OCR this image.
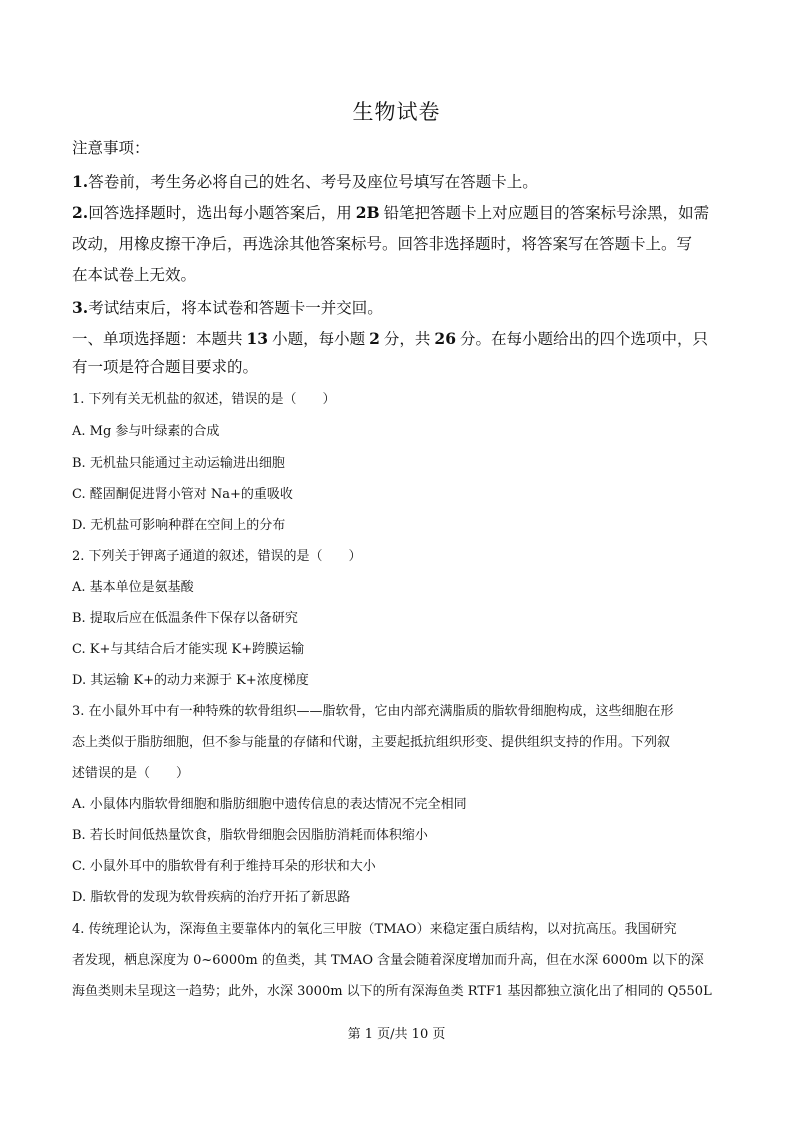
生物试卷
注意事项：
1.答卷前，考生务必将自己的姓名、考号及座位号填写在答题卡上。
2.回答选择题时，选出每小题答案后，用 2B 铅笔把答题卡上对应题目的答案标号涂黑，如需
改动，用橡皮擦干净后，再选涂其他答案标号。回答非选择题时，将答案写在答题卡上。写
在本试卷上无效。
3.考试结束后，将本试卷和答题卡一并交回。
一、单项选择题：本题共 13 小题，每小题 2 分，共 26 分。在每小题给出的四个选项中，只
有一项是符合题目要求的。
1. 下列有关无机盐的叙述，错误的是（　　）
A. Mg 参与叶绿素的合成
B. 无机盐只能通过主动运输进出细胞
C. 醛固酮促进肾小管对 Na+的重吸收
D. 无机盐可影响种群在空间上的分布
2. 下列关于钾离子通道的叙述，错误的是（　　）
A. 基本单位是氨基酸
B. 提取后应在低温条件下保存以备研究
C. K+与其结合后才能实现 K+跨膜运输
D. 其运输 K+的动力来源于 K+浓度梯度
3. 在小鼠外耳中有一种特殊的软骨组织——脂软骨，它由内部充满脂质的脂软骨细胞构成，这些细胞在形
态上类似于脂肪细胞，但不参与能量的存储和代谢，主要起抵抗组织形变、提供组织支持的作用。下列叙
述错误的是（　　）
A. 小鼠体内脂软骨细胞和脂肪细胞中遗传信息的表达情况不完全相同
B. 若长时间低热量饮食，脂软骨细胞会因脂肪消耗而体积缩小
C. 小鼠外耳中的脂软骨有利于维持耳朵的形状和大小
D. 脂软骨的发现为软骨疾病的治疗开拓了新思路
4. 传统理论认为，深海鱼主要靠体内的氧化三甲胺（TMAO）来稳定蛋白质结构，以对抗高压。我国研究
者发现，栖息深度为 0~6000m 的鱼类，其 TMAO 含量会随着深度增加而升高，但在水深 6000m 以下的深
海鱼类则未呈现这一趋势；此外，水深 3000m 以下的所有深海鱼类 RTF1 基因都独立演化出了相同的 Q550L
第 1 页/共 10 页
